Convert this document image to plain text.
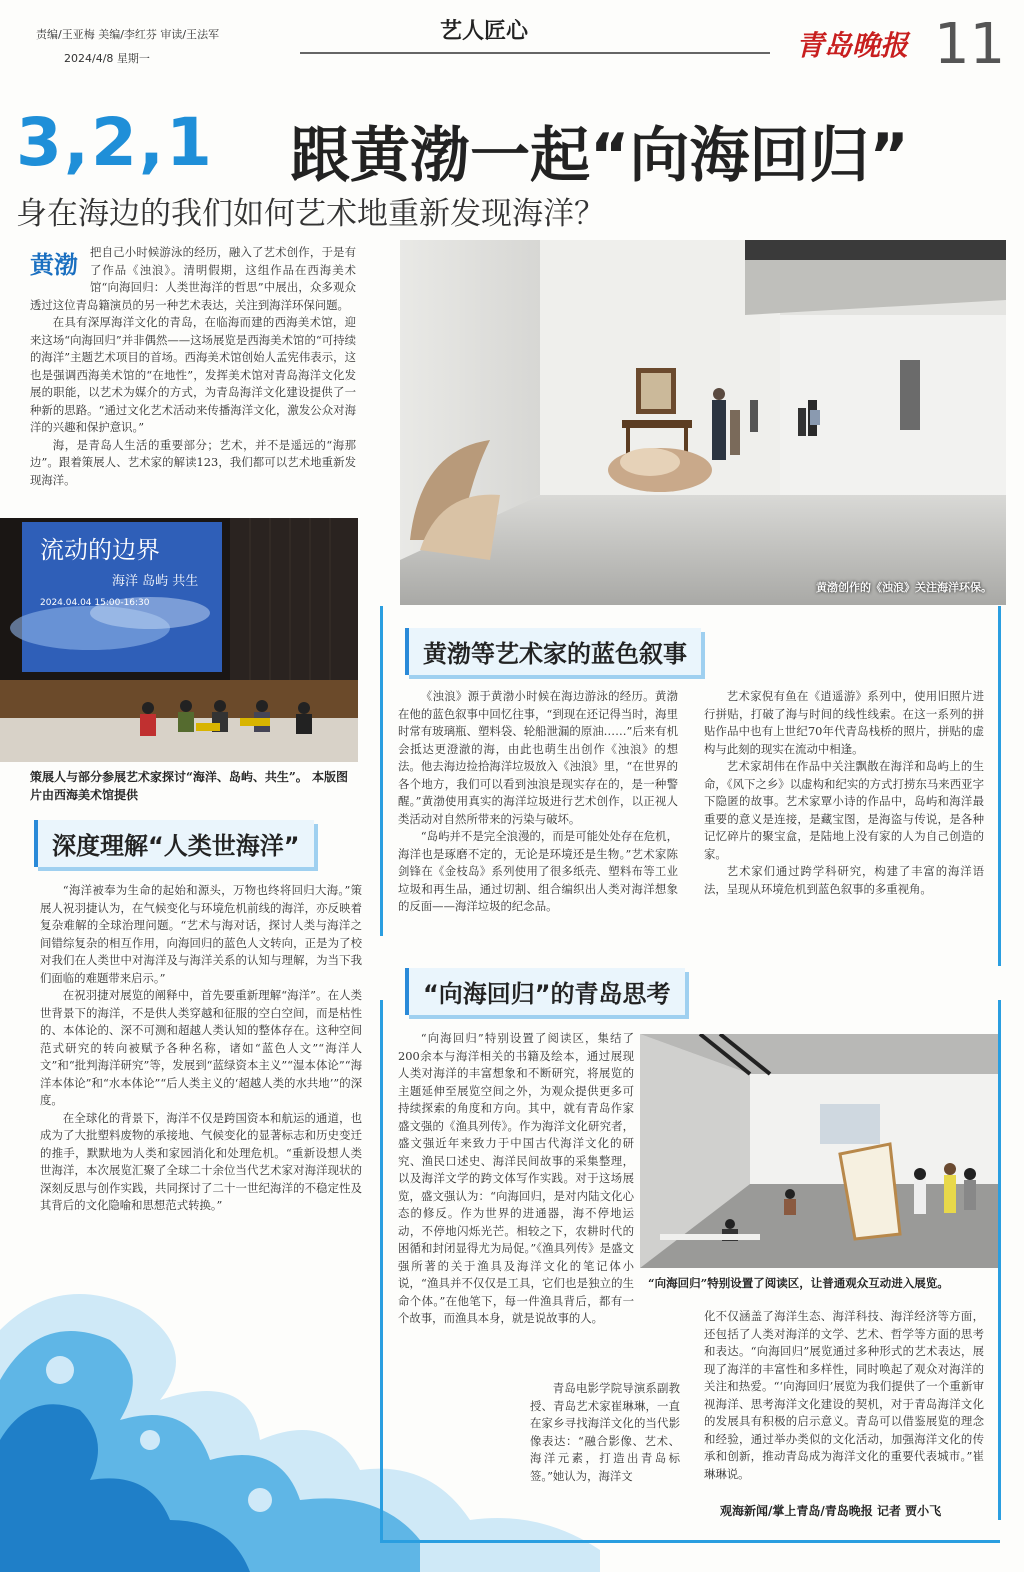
责编/王亚梅 美编/李红芬 审读/王法军
2024/4/8 星期一
艺人匠心	青岛晚报 11
3,2,1 跟黄渤一起“向海回归”
身在海边的我们如何艺术地重新发现海洋？
黄渤	把自己小时候游泳的经历，融入了艺术创作，于是有了作品《浊浪》。清明假期，这组作品在西海美术馆“向海回归：人类世海洋的哲思”中展出，众多观众透过这位青岛籍演员的另一种艺术表达，关注到海洋环保问题。

在具有深厚海洋文化的青岛，在临海而建的西海美术馆，迎来这场“向海回归”并非偶然——这场展览是西海美术馆的“可持续的海洋”主题艺术项目的首场。西海美术馆创始人孟宪伟表示，这也是强调西海美术馆的“在地性”，发挥美术馆对青岛海洋文化发展的职能，以艺术为媒介的方式，为青岛海洋文化建设提供了一种新的思路。“通过文化艺术活动来传播海洋文化，激发公众对海洋的兴趣和保护意识。”

海，是青岛人生活的重要部分；艺术，并不是遥远的“海那边”。跟着策展人、艺术家的解读123，我们都可以艺术地重新发现海洋。

黄渤创作的《浊浪》关注海洋环保。
流动的边界
海洋 岛屿 共生
2024.04.04 15:00-16:30
策展人与部分参展艺术家探讨“海洋、岛屿、共生”。 本版图片由西海美术馆提供
深度理解“人类世海洋”

“海洋被奉为生命的起始和源头，万物也终将回归大海。”策展人祝羽捷认为，在气候变化与环境危机前线的海洋，亦反映着复杂难解的全球治理问题。“艺术与海对话，探讨人类与海洋之间错综复杂的相互作用，向海回归的蓝色人文转向，正是为了校对我们在人类世中对海洋及与海洋关系的认知与理解，为当下我们面临的难题带来启示。”

在祝羽捷对展览的阐释中，首先要重新理解“海洋”。在人类世背景下的海洋，不是供人类穿越和征服的空白空间，而是枯性的、本体论的、深不可测和超越人类认知的整体存在。这种空间范式研究的转向被赋予各种名称，诸如“蓝色人文”“海洋人文”和“批判海洋研究”等，发展到“蓝绿资本主义”“湿本体论”“海洋本体论”和“水本体论”“后人类主义的‘超越人类的水共地’”的深度。

在全球化的背景下，海洋不仅是跨国资本和航运的通道，也成为了大批塑料废物的承接地、气候变化的显著标志和历史变迁的推手，默默地为人类和家园消化和处理危机。“重新设想人类世海洋，本次展览汇聚了全球二十余位当代艺术家对海洋现状的深刻反思与创作实践，共同探讨了二十一世纪海洋的不稳定性及其背后的文化隐喻和思想范式转换。”

黄渤等艺术家的蓝色叙事

《浊浪》源于黄渤小时候在海边游泳的经历。黄渤在他的蓝色叙事中回忆往事，“到现在还记得当时，海里时常有玻璃瓶、塑料袋、轮船泄漏的原油……”后来有机会抵达更澄澈的海，由此也萌生出创作《浊浪》的想法。他去海边捡拾海洋垃圾放入《浊浪》里，“在世界的各个地方，我们可以看到浊浪是现实存在的，是一种警醒。”黄渤使用真实的海洋垃圾进行艺术创作，以正视人类活动对自然所带来的污染与破坏。

“岛屿并不是完全浪漫的，而是可能处处存在危机，海洋也是琢磨不定的，无论是环境还是生物。”艺术家陈剑锋在《金枝岛》系列使用了很多纸壳、塑料布等工业垃圾和再生品，通过切割、组合编织出人类对海洋想象的反面——海洋垃圾的纪念品。

艺术家倪有鱼在《逍遥游》系列中，使用旧照片进行拼贴，打破了海与时间的线性线索。在这一系列的拼贴作品中也有上世纪70年代青岛栈桥的照片，拼贴的虚构与此刻的现实在流动中相逢。

艺术家胡伟在作品中关注飘散在海洋和岛屿上的生命，《风下之乡》以虚构和纪实的方式打捞东马来西亚字下隐匿的故事。艺术家覃小诗的作品中，岛屿和海洋最重要的意义是连接，是藏宝图，是海盗与传说，是各种记忆碎片的聚宝盒，是陆地上没有家的人为自己创造的家。

艺术家们通过跨学科研究，构建了丰富的海洋语法，呈现从环境危机到蓝色叙事的多重视角。

“向海回归”的青岛思考
“向海回归”特别设置了阅读区，让普通观众互动进入展览。

“向海回归”特别设置了阅读区，集结了200余本与海洋相关的书籍及绘本，通过展现人类对海洋的丰富想象和不断研究，将展览的主题延伸至展览空间之外，为观众提供更多可持续探索的角度和方向。其中，就有青岛作家盛文强的《渔具列传》。作为海洋文化研究者，盛文强近年来致力于中国古代海洋文化的研究、渔民口述史、海洋民间故事的采集整理，以及海洋文学的跨文体写作实践。对于这场展览，盛文强认为：“向海回归，是对内陆文化心态的修反。作为世界的进通器，海不停地运动，不停地闪烁光芒。相较之下，农耕时代的困循和封闭显得尤为局促。”《渔具列传》是盛文强所著的关于渔具及海洋文化的笔记体小说，“渔具并不仅仅是工具，它们也是独立的生命个体。”在他笔下，每一件渔具背后，都有一个故事，而渔具本身，就是说故事的人。

青岛电影学院导演系副教授、青岛艺术家崔琳琳，一直在家乡寻找海洋文化的当代影像表达：“融合影像、艺术、海洋元素，打造出青岛标签。”她认为，海洋文

化不仅涵盖了海洋生态、海洋科技、海洋经济等方面，还包括了人类对海洋的文学、艺术、哲学等方面的思考和表达。“向海回归”展览通过多种形式的艺术表达，展现了海洋的丰富性和多样性，同时唤起了观众对海洋的关注和热爱。“‘向海回归’展览为我们提供了一个重新审视海洋、思考海洋文化建设的契机，对于青岛海洋文化的发展具有积极的启示意义。青岛可以借鉴展览的理念和经验，通过举办类似的文化活动，加强海洋文化的传承和创新，推动青岛成为海洋文化的重要代表城市。”崔琳琳说。

观海新闻/掌上青岛/青岛晚报 记者 贾小飞
